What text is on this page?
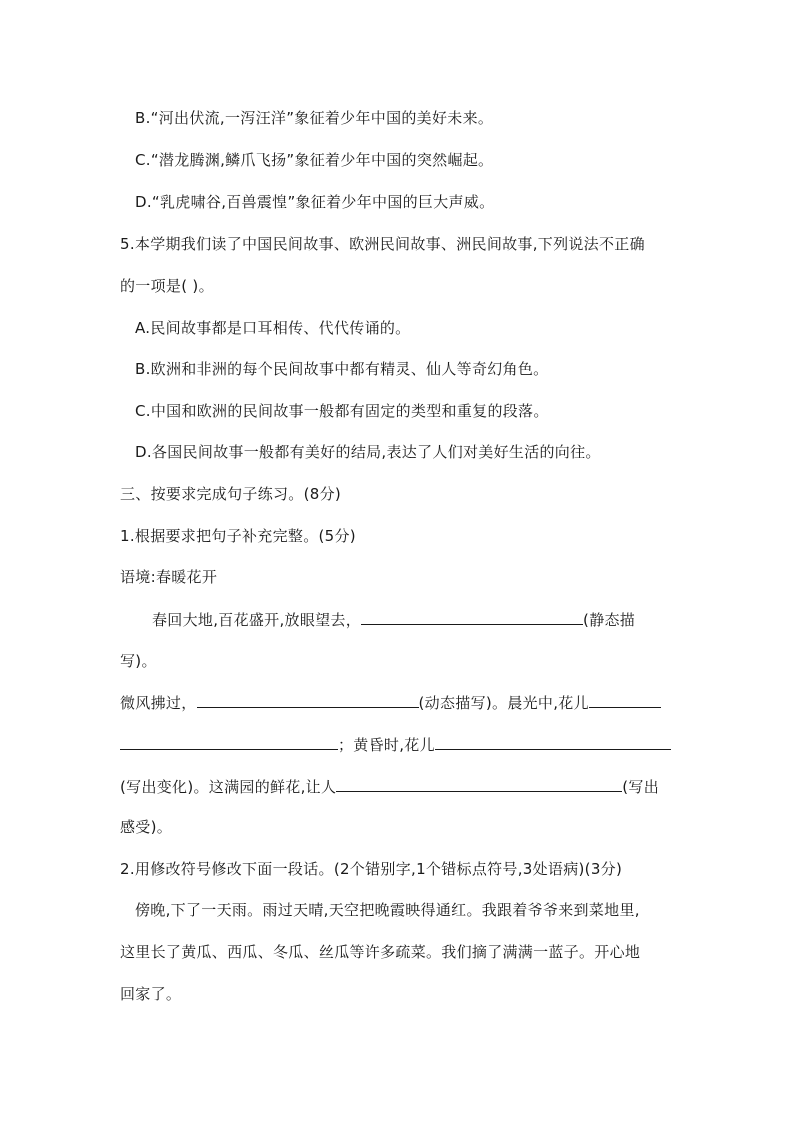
B.“河出伏流,一泻汪洋”象征着少年中国的美好未来。
C.“潜龙腾渊,鳞爪飞扬”象征着少年中国的突然崛起。
D.“乳虎啸谷,百兽震惶”象征着少年中国的巨大声威。
5.本学期我们读了中国民间故事、欧洲民间故事、洲民间故事,下列说法不正确
的一项是( )。
A.民间故事都是口耳相传、代代传诵的。
B.欧洲和非洲的每个民间故事中都有精灵、仙人等奇幻角色。
C.中国和欧洲的民间故事一般都有固定的类型和重复的段落。
D.各国民间故事一般都有美好的结局,表达了人们对美好生活的向往。
三、按要求完成句子练习。(8分)
1.根据要求把句子补充完整。(5分)
语境:春暖花开
春回大地,百花盛开,放眼望去，	(静态描
写)。
微风拂过，	(动态描写)。晨光中,花儿
；黄昏时,花儿
(写出变化)。这满园的鲜花,让人	(写出
感受)。
2.用修改符号修改下面一段话。(2个错别字,1个错标点符号,3处语病)(3分)
傍晚,下了一天雨。雨过天晴,天空把晚霞映得通红。我跟着爷爷来到菜地里,
这里长了黄瓜、西瓜、冬瓜、丝瓜等许多疏菜。我们摘了满满一蓝子。开心地
回家了。
